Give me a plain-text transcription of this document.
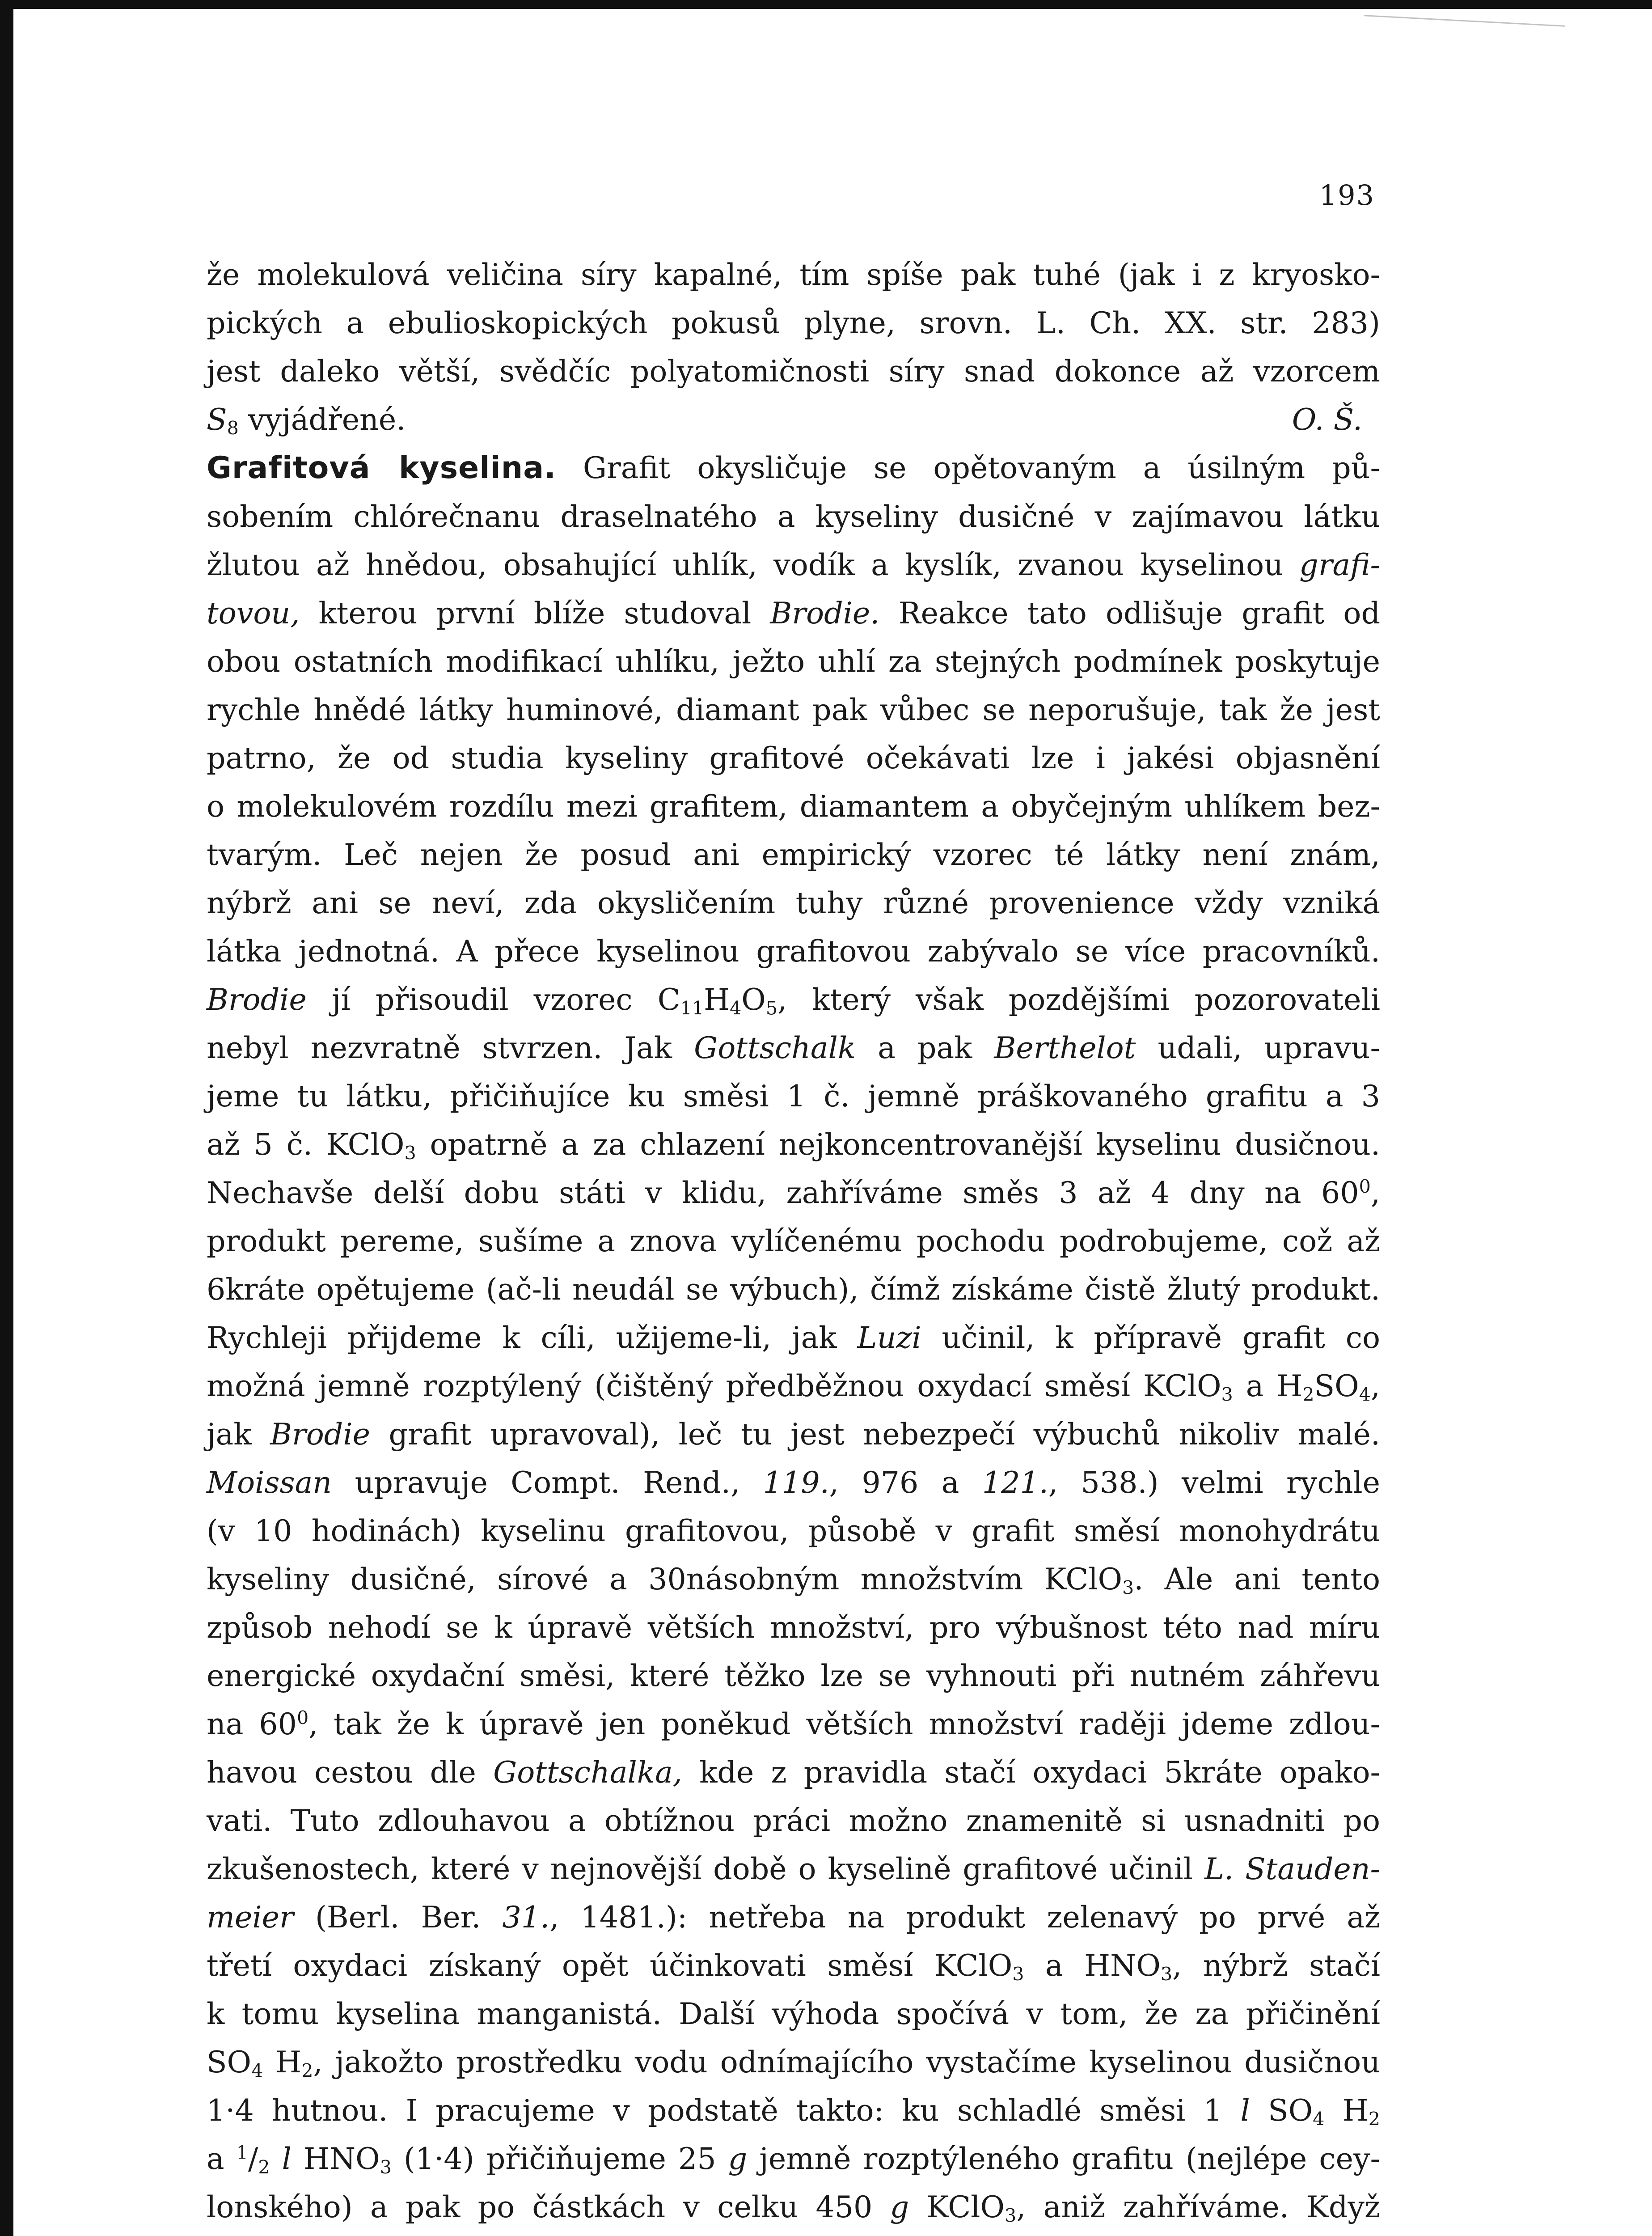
193

že molekulová veličina síry kapalné, tím spíše pak tuhé (jak i z kryosko-

pických a ebulioskopických pokusů plyne, srovn. L. Ch. XX. str. 283)

jest daleko větší, svědčíc polyatomičnosti síry snad dokonce až vzorcem

$S_8$ vyjádřené.	O. Š.

Grafitová kyselina. Grafit okysličuje se opětovaným a úsilným pů-

sobením chlórečnanu draselnatého a kyseliny dusičné v zajímavou látku

žlutou až hnědou, obsahující uhlík, vodík a kyslík, zvanou kyselinou grafi-

tovou, kterou první blíže studoval Brodie. Reakce tato odlišuje grafit od

obou ostatních modifikací uhlíku, ježto uhlí za stejných podmínek poskytuje

rychle hnědé látky huminové, diamant pak vůbec se neporušuje, tak že jest

patrno, že od studia kyseliny grafitové očekávati lze i jakési objasnění

o molekulovém rozdílu mezi grafitem, diamantem a obyčejným uhlíkem bez-

tvarým. Leč nejen že posud ani empirický vzorec té látky není znám,

nýbrž ani se neví, zda okysličením tuhy různé provenience vždy vzniká

látka jednotná. A přece kyselinou grafitovou zabývalo se více pracovníků.

Brodie jí přisoudil vzorec $C_{11}H_4O_5$, který však pozdějšími pozorovateli

nebyl nezvratně stvrzen. Jak Gottschalk a pak Berthelot udali, upravu-

jeme tu látku, přičiňujíce ku směsi 1 č. jemně práškovaného grafitu a 3

až 5 č. KClO$_3$ opatrně a za chlazení nejkoncentrovanější kyselinu dusičnou.

Nechavše delší dobu státi v klidu, zahříváme směs 3 až 4 dny na $60^0$,

produkt pereme, sušíme a znova vylíčenému pochodu podrobujeme, což až

6kráte opětujeme (ač-li neudál se výbuch), čímž získáme čistě žlutý produkt.

Rychleji přijdeme k cíli, užijeme-li, jak Luzi učinil, k přípravě grafit co

možná jemně rozptýlený (čištěný předběžnou oxydací směsí KClO$_3$ a $H_2SO_4$,

jak Brodie grafit upravoval), leč tu jest nebezpečí výbuchů nikoliv malé.

Moissan upravuje Compt. Rend., 119., 976 a 121., 538.) velmi rychle

(v 10 hodinách) kyselinu grafitovou, působě v grafit směsí monohydrátu

kyseliny dusičné, sírové a 30násobným množstvím KClO$_3$. Ale ani tento

způsob nehodí se k úpravě větších množství, pro výbušnost této nad míru

energické oxydační směsi, které těžko lze se vyhnouti při nutném záhřevu

na $60^0$, tak že k úpravě jen poněkud větších množství raději jdeme zdlou-

havou cestou dle Gottschalka, kde z pravidla stačí oxydaci 5kráte opako-

vati. Tuto zdlouhavou a obtížnou práci možno znamenitě si usnadniti po

zkušenostech, které v nejnovější době o kyselině grafitové učinil L. Stauden-

meier (Berl. Ber. 31., 1481.): netřeba na produkt zelenavý po prvé až

třetí oxydaci získaný opět účinkovati směsí KClO$_3$ a $HNO_3$, nýbrž stačí

k tomu kyselina manganistá. Další výhoda spočívá v tom, že za přičinění

$SO_4$ $H_2$, jakožto prostředku vodu odnímajícího vystačíme kyselinou dusičnou

1·4 hutnou. I pracujeme v podstatě takto: ku schladlé směsi 1 l $SO_4$ $H_2$

a $^1/_2$ l $HNO_3$ (1·4) přičiňujeme 25 g jemně rozptýleného grafitu (nejlépe cey-

lonského) a pak po částkách v celku 450 g KClO$_3$, aniž zahříváme. Když
